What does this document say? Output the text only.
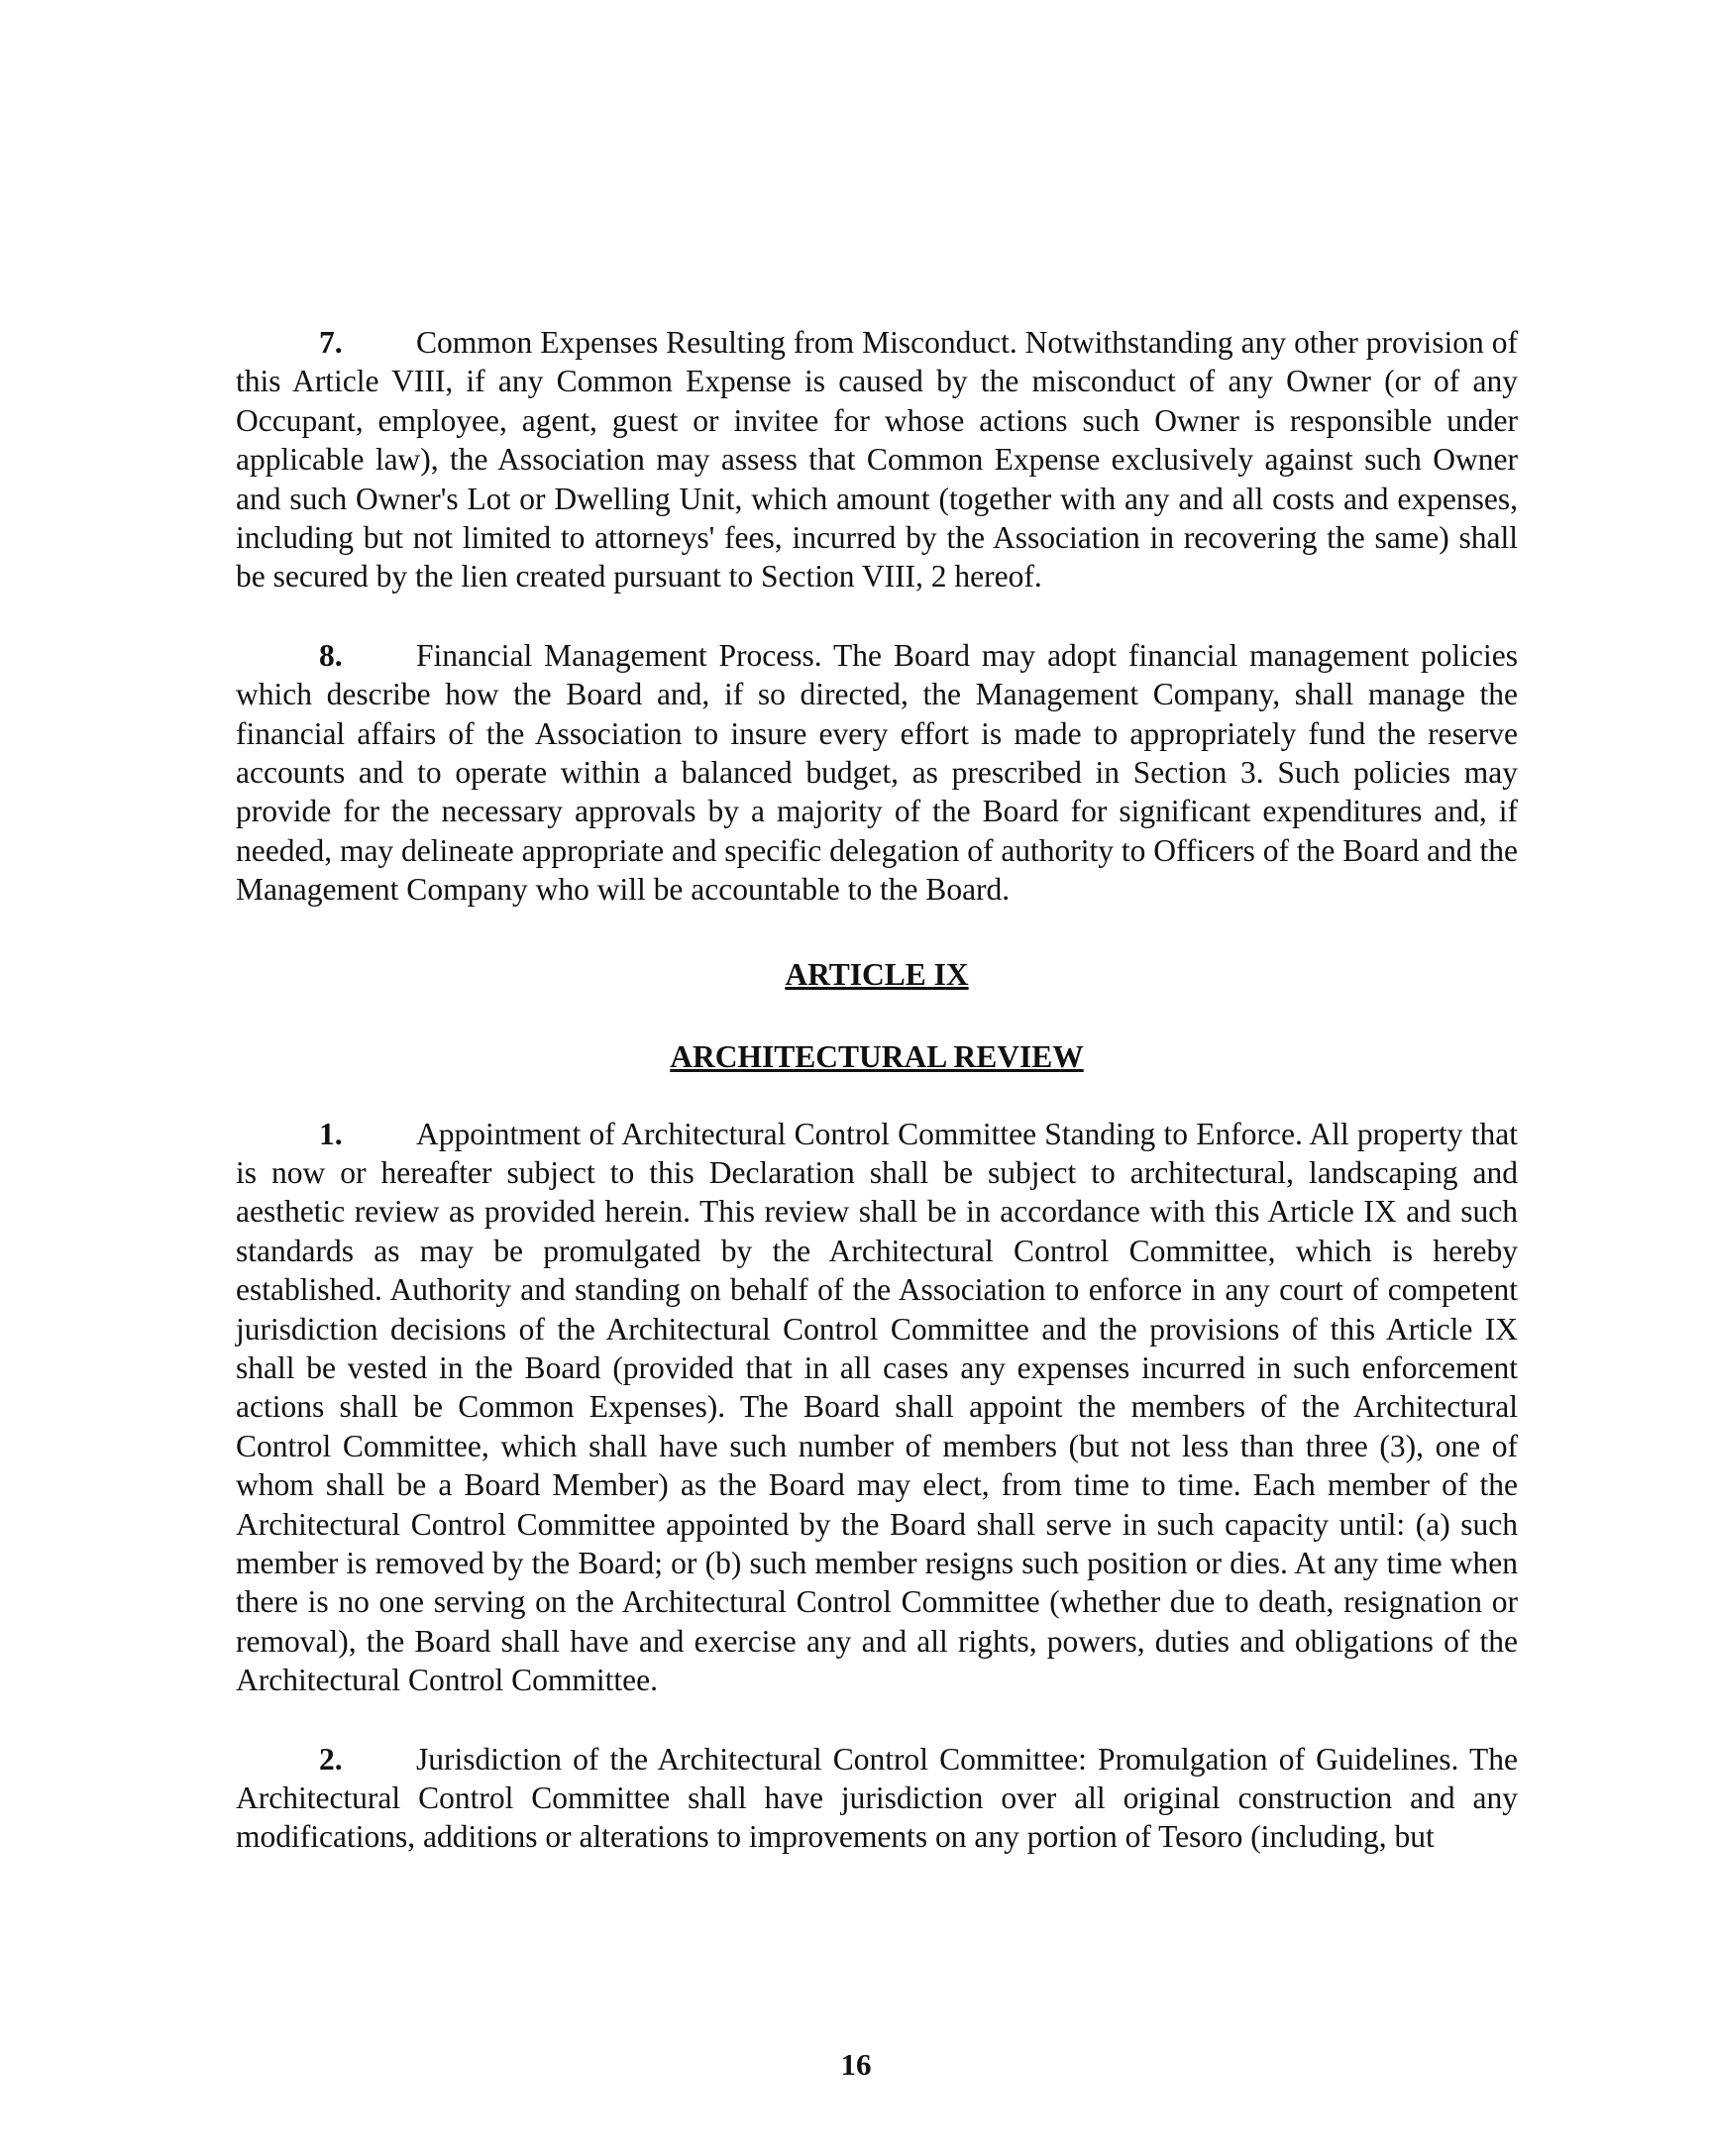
7. Common Expenses Resulting from Misconduct. Notwithstanding any other provision of this Article VIII, if any Common Expense is caused by the misconduct of any Owner (or of any Occupant, employee, agent, guest or invitee for whose actions such Owner is responsible under applicable law), the Association may assess that Common Expense exclusively against such Owner and such Owner's Lot or Dwelling Unit, which amount (together with any and all costs and expenses, including but not limited to attorneys' fees, incurred by the Association in recovering the same) shall be secured by the lien created pursuant to Section VIII, 2 hereof.

8. Financial Management Process. The Board may adopt financial management policies which describe how the Board and, if so directed, the Management Company, shall manage the financial affairs of the Association to insure every effort is made to appropriately fund the reserve accounts and to operate within a balanced budget, as prescribed in Section 3. Such policies may provide for the necessary approvals by a majority of the Board for significant expenditures and, if needed, may delineate appropriate and specific delegation of authority to Officers of the Board and the Management Company who will be accountable to the Board.

ARTICLE IX

ARCHITECTURAL REVIEW

1. Appointment of Architectural Control Committee Standing to Enforce. All property that is now or hereafter subject to this Declaration shall be subject to architectural, landscaping and aesthetic review as provided herein. This review shall be in accordance with this Article IX and such standards as may be promulgated by the Architectural Control Committee, which is hereby established. Authority and standing on behalf of the Association to enforce in any court of competent jurisdiction decisions of the Architectural Control Committee and the provisions of this Article IX shall be vested in the Board (provided that in all cases any expenses incurred in such enforcement actions shall be Common Expenses). The Board shall appoint the members of the Architectural Control Committee, which shall have such number of members (but not less than three (3), one of whom shall be a Board Member) as the Board may elect, from time to time. Each member of the Architectural Control Committee appointed by the Board shall serve in such capacity until: (a) such member is removed by the Board; or (b) such member resigns such position or dies. At any time when there is no one serving on the Architectural Control Committee (whether due to death, resignation or removal), the Board shall have and exercise any and all rights, powers, duties and obligations of the Architectural Control Committee.

2. Jurisdiction of the Architectural Control Committee: Promulgation of Guidelines. The Architectural Control Committee shall have jurisdiction over all original construction and any modifications, additions or alterations to improvements on any portion of Tesoro (including, but

16
